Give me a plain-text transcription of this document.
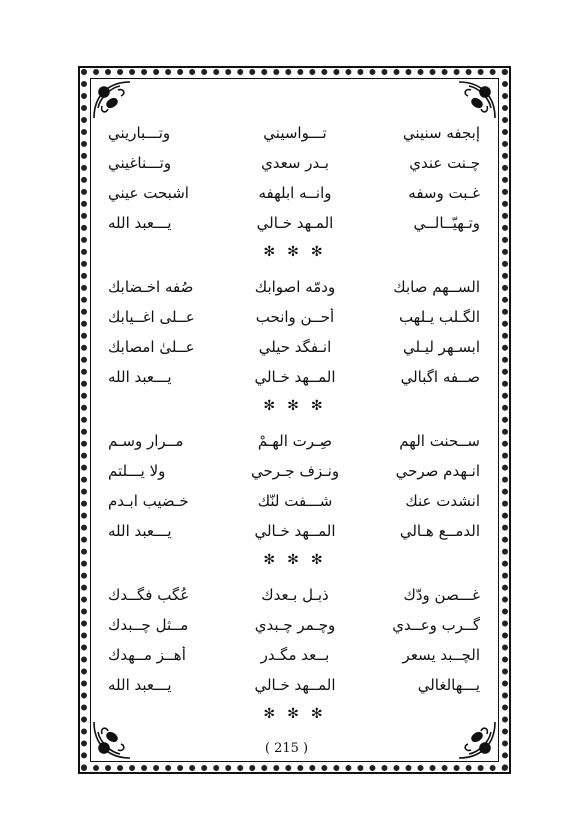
إبجفه سنيني
تـــواسيني
وتـــباريني
چـنت عندي
بـدر سعدي
وتـــناغيني
غـبت وسفه
وانــه ابلهفه
اشبحت عيني
وتـهيّــالــي
المـهد خـالي
يـــعبد الله
✻ ✻ ✻
الســهم صابك
ودمّه اصوابك
صُفه اخـضابك
الگـلب يـلهب
أحــن وانحب
عــلى اغــيابك
ابسـهر ليـلي
انـفگد حيلي
عــلىٰ امصابك
صــفه اگبالي
المــهد خـالي
يـــعبد الله
✻ ✻ ✻
ســحنت الهم
صِـرت الهـمْ
مــرار وسـم
انـهدم صرحي
ونـزف جـرحي
ولا يـــلتم
انشدت عنك
شـــفت لنّك
خـضيب ابـدم
الدمــع هـالي
المــهد خـالي
يـــعبد الله
✻ ✻ ✻
غـــصن ودّك
ذبـل بـعدك
عُگب فگــدك
گــرب وعــدي
وچـمر چـبدي
مــثل چــبدك
الچــبد يسعر
بــعد مگـدر
أهــز مــهدك
يـــهالغالي
المــهد خـالي
يـــعبد الله
✻ ✻ ✻
( 215 )
